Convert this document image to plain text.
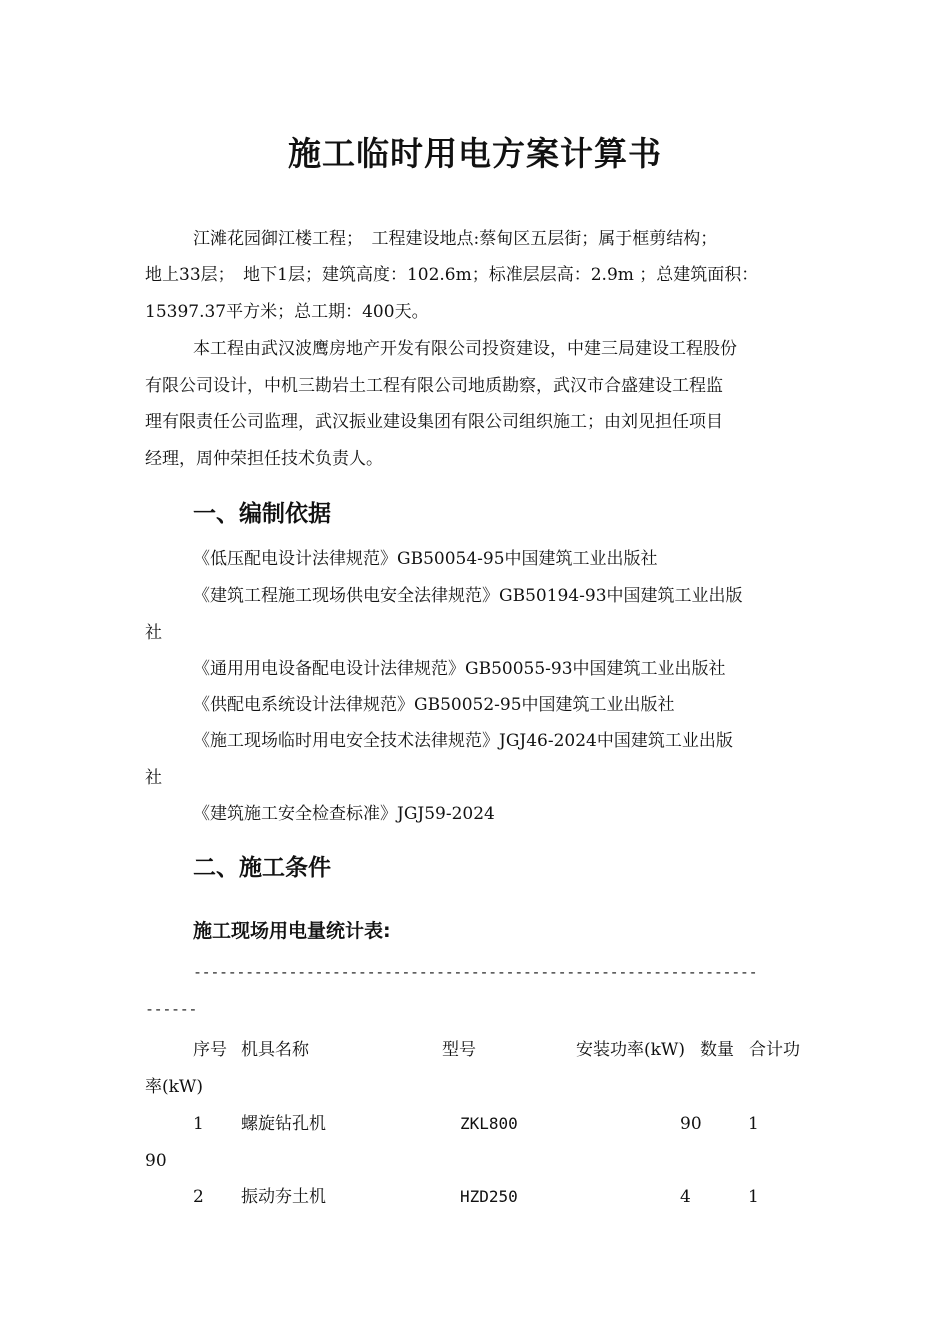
施工临时用电方案计算书
江滩花园御江楼工程；　工程建设地点:蔡甸区五层街；属于框剪结构；
地上33层；　地下1层；建筑高度：102.6m；标准层层高：2.9m ；总建筑面积：
15397.37平方米；总工期：400天。
本工程由武汉波鹰房地产开发有限公司投资建设，中建三局建设工程股份
有限公司设计，中机三勘岩土工程有限公司地质勘察，武汉市合盛建设工程监
理有限责任公司监理，武汉振业建设集团有限公司组织施工；由刘见担任项目
经理，周仲荣担任技术负责人。
一、编制依据
《低压配电设计法律规范》GB50054-95中国建筑工业出版社
《建筑工程施工现场供电安全法律规范》GB50194-93中国建筑工业出版
社
《通用用电设备配电设计法律规范》GB50055-93中国建筑工业出版社
《供配电系统设计法律规范》GB50052-95中国建筑工业出版社
《施工现场临时用电安全技术法律规范》JGJ46-2024中国建筑工业出版
社
《建筑施工安全检查标准》JGJ59-2024
二、施工条件
施工现场用电量统计表:
-----------------------------------------------------------------
------
序号 机具名称	型号	安装功率(kW) 数量 合计功
率(kW)
1 螺旋钻孔机	ZKL800	90	1
90
2 振动夯土机	HZD250	4	1
